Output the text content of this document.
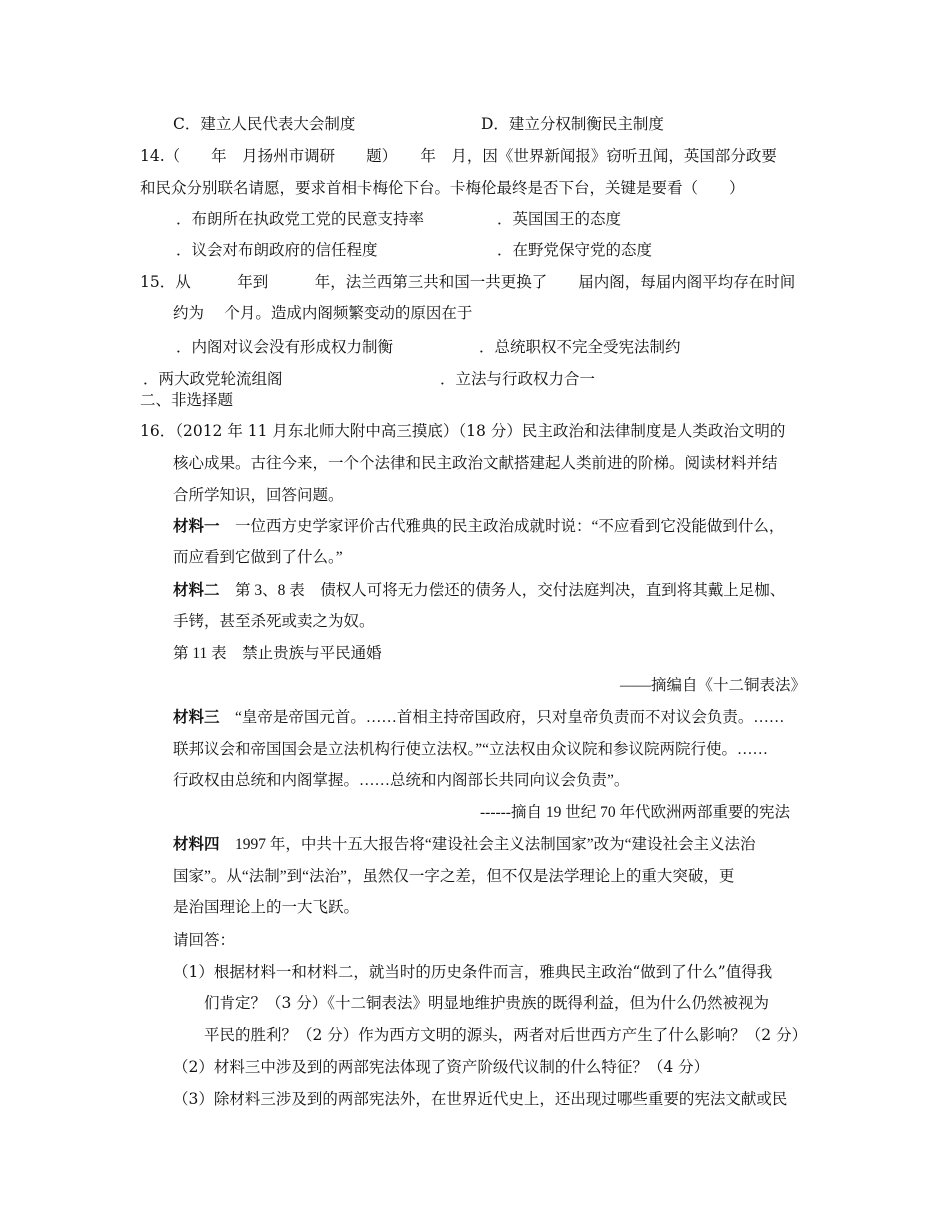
C．建立人民代表大会制度	D．建立分权制衡民主制度
14.（　　年　月扬州市调研　　题）　　年　月，因《世界新闻报》窃听丑闻，英国部分政要
和民众分别联名请愿，要求首相卡梅伦下台。卡梅伦最终是否下台，关键是要看（　　）
．布朗所在执政党工党的民意支持率	．英国国王的态度
．议会对布朗政府的信任程度	．在野党保守党的态度
15．从　　　年到　　　年，法兰西第三共和国一共更换了　　届内阁，每届内阁平均存在时间
约为　 个月。造成内阁频繁变动的原因在于
．内阁对议会没有形成权力制衡	．总统职权不完全受宪法制约
．两大政党轮流组阁	．立法与行政权力合一
二、非选择题
16．（2012 年 11 月东北师大附中高三摸底）（18 分）民主政治和法律制度是人类政治文明的
核心成果。古往今来，一个个法律和民主政治文献搭建起人类前进的阶梯。阅读材料并结
合所学知识，回答问题。
材料一　一位西方史学家评价古代雅典的民主政治成就时说：“不应看到它没能做到什么，
而应看到它做到了什么。”
材料二　第 3、8 表　债权人可将无力偿还的债务人，交付法庭判决，直到将其戴上足枷、
手铐，甚至杀死或卖之为奴。
第 11 表　禁止贵族与平民通婚
——摘编自《十二铜表法》
材料三　“皇帝是帝国元首。……首相主持帝国政府，只对皇帝负责而不对议会负责。……
联邦议会和帝国国会是立法机构行使立法权。”“立法权由众议院和参议院两院行使。……
行政权由总统和内阁掌握。……总统和内阁部长共同向议会负责”。
------摘自 19 世纪 70 年代欧洲两部重要的宪法
材料四　1997 年，中共十五大报告将“建设社会主义法制国家”改为“建设社会主义法治
国家”。从“法制”到“法治”，虽然仅一字之差，但不仅是法学理论上的重大突破，更
是治国理论上的一大飞跃。
请回答：
（1）根据材料一和材料二，就当时的历史条件而言，雅典民主政治“做到了什么”值得我
们肯定？（3 分）《十二铜表法》明显地维护贵族的既得利益，但为什么仍然被视为
平民的胜利？（2 分）作为西方文明的源头，两者对后世西方产生了什么影响？（2 分）
（2）材料三中涉及到的两部宪法体现了资产阶级代议制的什么特征？（4 分）
（3）除材料三涉及到的两部宪法外，在世界近代史上，还出现过哪些重要的宪法文献或民
